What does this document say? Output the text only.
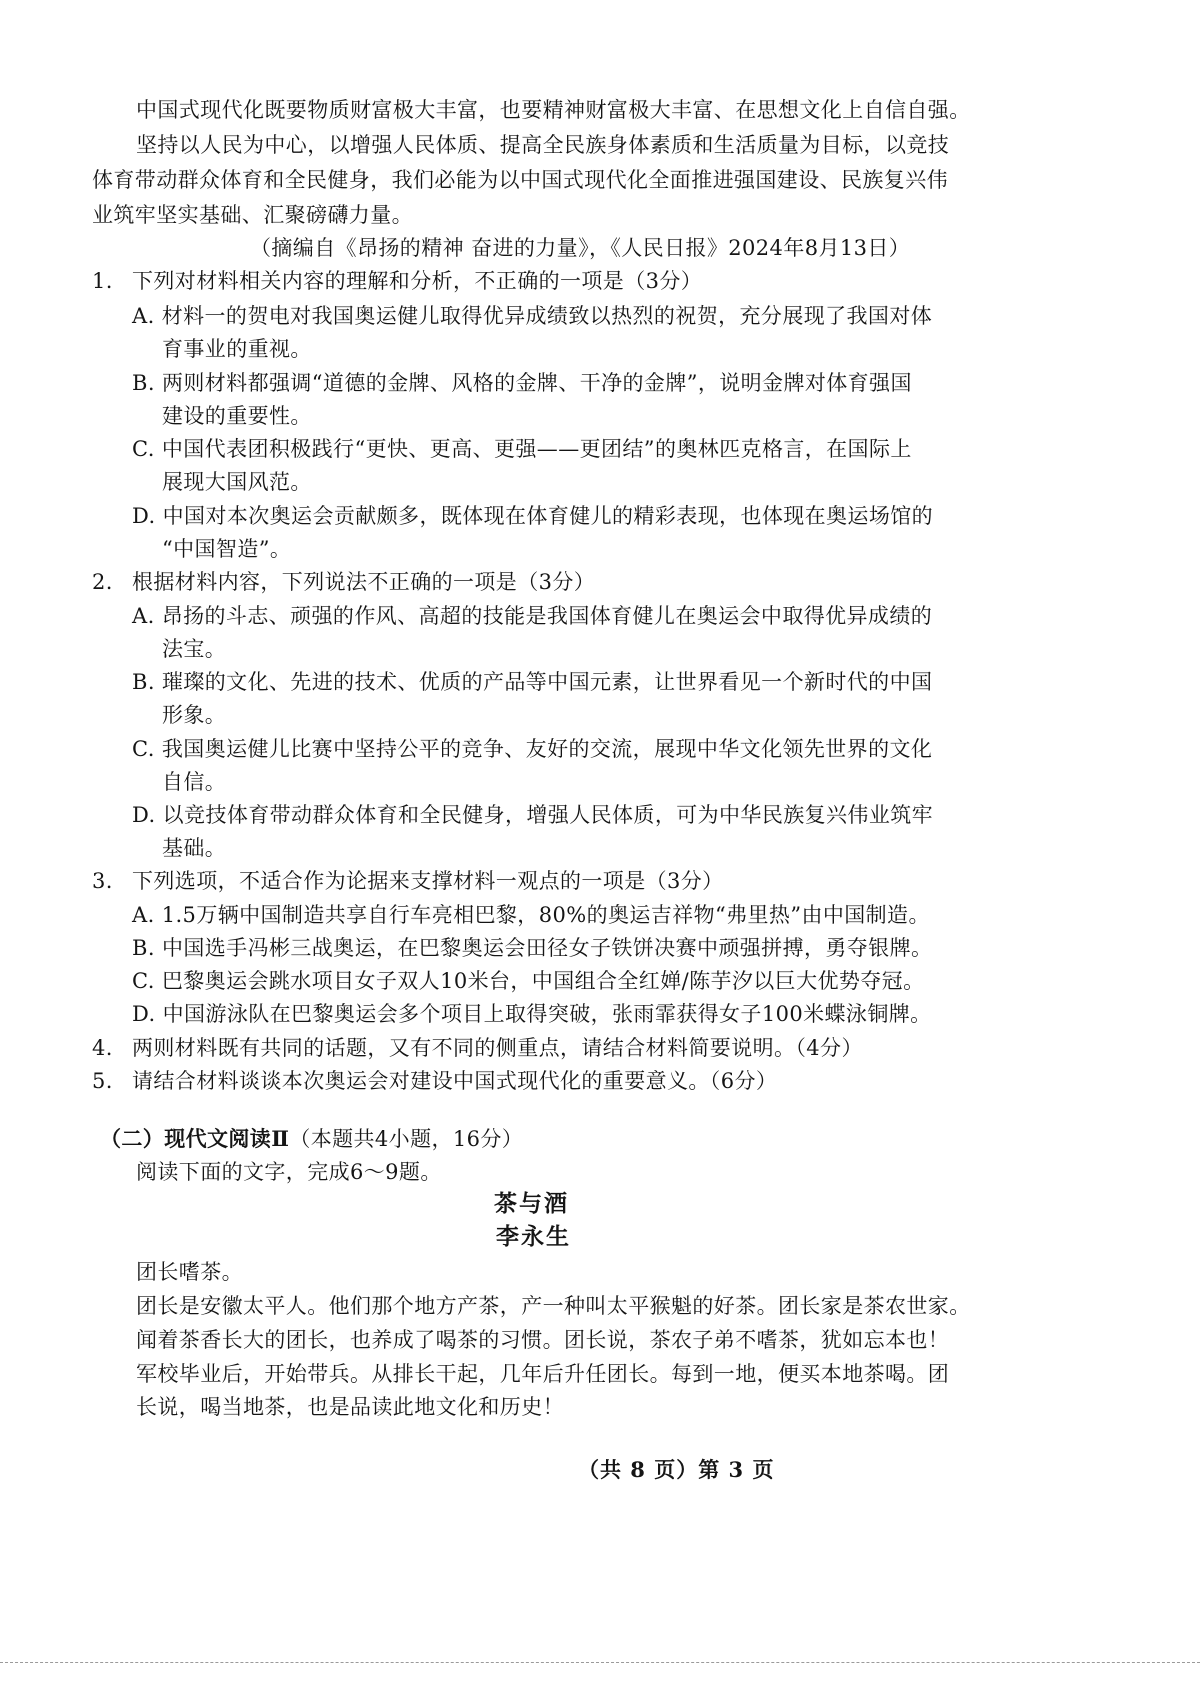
中国式现代化既要物质财富极大丰富，也要精神财富极大丰富、在思想文化上自信自强。
坚持以人民为中心，以增强人民体质、提高全民族身体素质和生活质量为目标，以竞技
体育带动群众体育和全民健身，我们必能为以中国式现代化全面推进强国建设、民族复兴伟
业筑牢坚实基础、汇聚磅礴力量。
（摘编自《昂扬的精神 奋进的力量》，《人民日报》2024年8月13日）
1. 下列对材料相关内容的理解和分析，不正确的一项是（3分）
A. 材料一的贺电对我国奥运健儿取得优异成绩致以热烈的祝贺，充分展现了我国对体
育事业的重视。
B. 两则材料都强调“道德的金牌、风格的金牌、干净的金牌”，说明金牌对体育强国
建设的重要性。
C. 中国代表团积极践行“更快、更高、更强——更团结”的奥林匹克格言，在国际上
展现大国风范。
D. 中国对本次奥运会贡献颇多，既体现在体育健儿的精彩表现，也体现在奥运场馆的
“中国智造”。
2. 根据材料内容，下列说法不正确的一项是（3分）
A. 昂扬的斗志、顽强的作风、高超的技能是我国体育健儿在奥运会中取得优异成绩的
法宝。
B. 璀璨的文化、先进的技术、优质的产品等中国元素，让世界看见一个新时代的中国
形象。
C. 我国奥运健儿比赛中坚持公平的竞争、友好的交流，展现中华文化领先世界的文化
自信。
D. 以竞技体育带动群众体育和全民健身，增强人民体质，可为中华民族复兴伟业筑牢
基础。
3. 下列选项，不适合作为论据来支撑材料一观点的一项是（3分）
A. 1.5万辆中国制造共享自行车亮相巴黎，80%的奥运吉祥物“弗里热”由中国制造。
B. 中国选手冯彬三战奥运，在巴黎奥运会田径女子铁饼决赛中顽强拼搏，勇夺银牌。
C. 巴黎奥运会跳水项目女子双人10米台，中国组合全红婵/陈芋汐以巨大优势夺冠。
D. 中国游泳队在巴黎奥运会多个项目上取得突破，张雨霏获得女子100米蝶泳铜牌。
4. 两则材料既有共同的话题，又有不同的侧重点，请结合材料简要说明。（4分）
5. 请结合材料谈谈本次奥运会对建设中国式现代化的重要意义。（6分）
（二）现代文阅读Ⅱ（本题共4小题，16分）
阅读下面的文字，完成6～9题。
茶与酒
李永生
团长嗜茶。
团长是安徽太平人。他们那个地方产茶，产一种叫太平猴魁的好茶。团长家是茶农世家。
闻着茶香长大的团长，也养成了喝茶的习惯。团长说，茶农子弟不嗜茶，犹如忘本也！
军校毕业后，开始带兵。从排长干起，几年后升任团长。每到一地，便买本地茶喝。团
长说，喝当地茶，也是品读此地文化和历史！
（共 8 页）第 3 页
